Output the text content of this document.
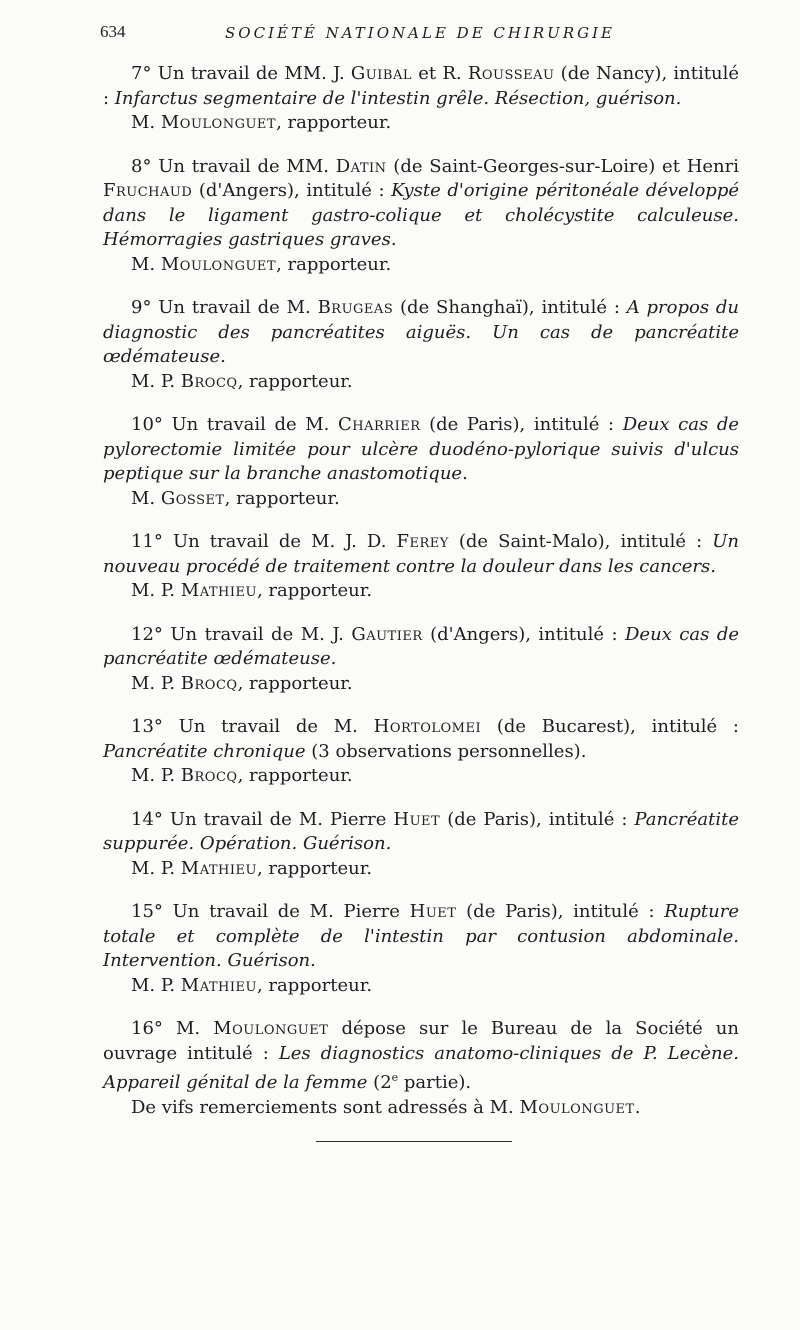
634	SOCIÉTÉ NATIONALE DE CHIRURGIE

7° Un travail de MM. J. Guibal et R. Rousseau (de Nancy), intitulé : Infarctus segmentaire de l'intestin grêle. Résection, guérison.

M. Moulonguet, rapporteur.

8° Un travail de MM. Datin (de Saint-Georges-sur-Loire) et Henri Fruchaud (d'Angers), intitulé : Kyste d'origine péritonéale développé dans le ligament gastro-colique et cholécystite calculeuse. Hémorragies gastriques graves.

M. Moulonguet, rapporteur.

9° Un travail de M. Brugeas (de Shanghaï), intitulé : A propos du diagnostic des pancréatites aiguës. Un cas de pancréatite œdémateuse.

M. P. Brocq, rapporteur.

10° Un travail de M. Charrier (de Paris), intitulé : Deux cas de pylorectomie limitée pour ulcère duodéno-pylorique suivis d'ulcus peptique sur la branche anastomotique.

M. Gosset, rapporteur.

11° Un travail de M. J. D. Ferey (de Saint-Malo), intitulé : Un nouveau procédé de traitement contre la douleur dans les cancers.

M. P. Mathieu, rapporteur.

12° Un travail de M. J. Gautier (d'Angers), intitulé : Deux cas de pancréatite œdémateuse.

M. P. Brocq, rapporteur.

13° Un travail de M. Hortolomei (de Bucarest), intitulé : Pancréatite chronique (3 observations personnelles).

M. P. Brocq, rapporteur.

14° Un travail de M. Pierre Huet (de Paris), intitulé : Pancréatite suppurée. Opération. Guérison.

M. P. Mathieu, rapporteur.

15° Un travail de M. Pierre Huet (de Paris), intitulé : Rupture totale et complète de l'intestin par contusion abdominale. Intervention. Guérison.

M. P. Mathieu, rapporteur.

16° M. Moulonguet dépose sur le Bureau de la Société un ouvrage intitulé : Les diagnostics anatomo-cliniques de P. Lecène. Appareil génital de la femme (2e partie).

De vifs remerciements sont adressés à M. Moulonguet.
